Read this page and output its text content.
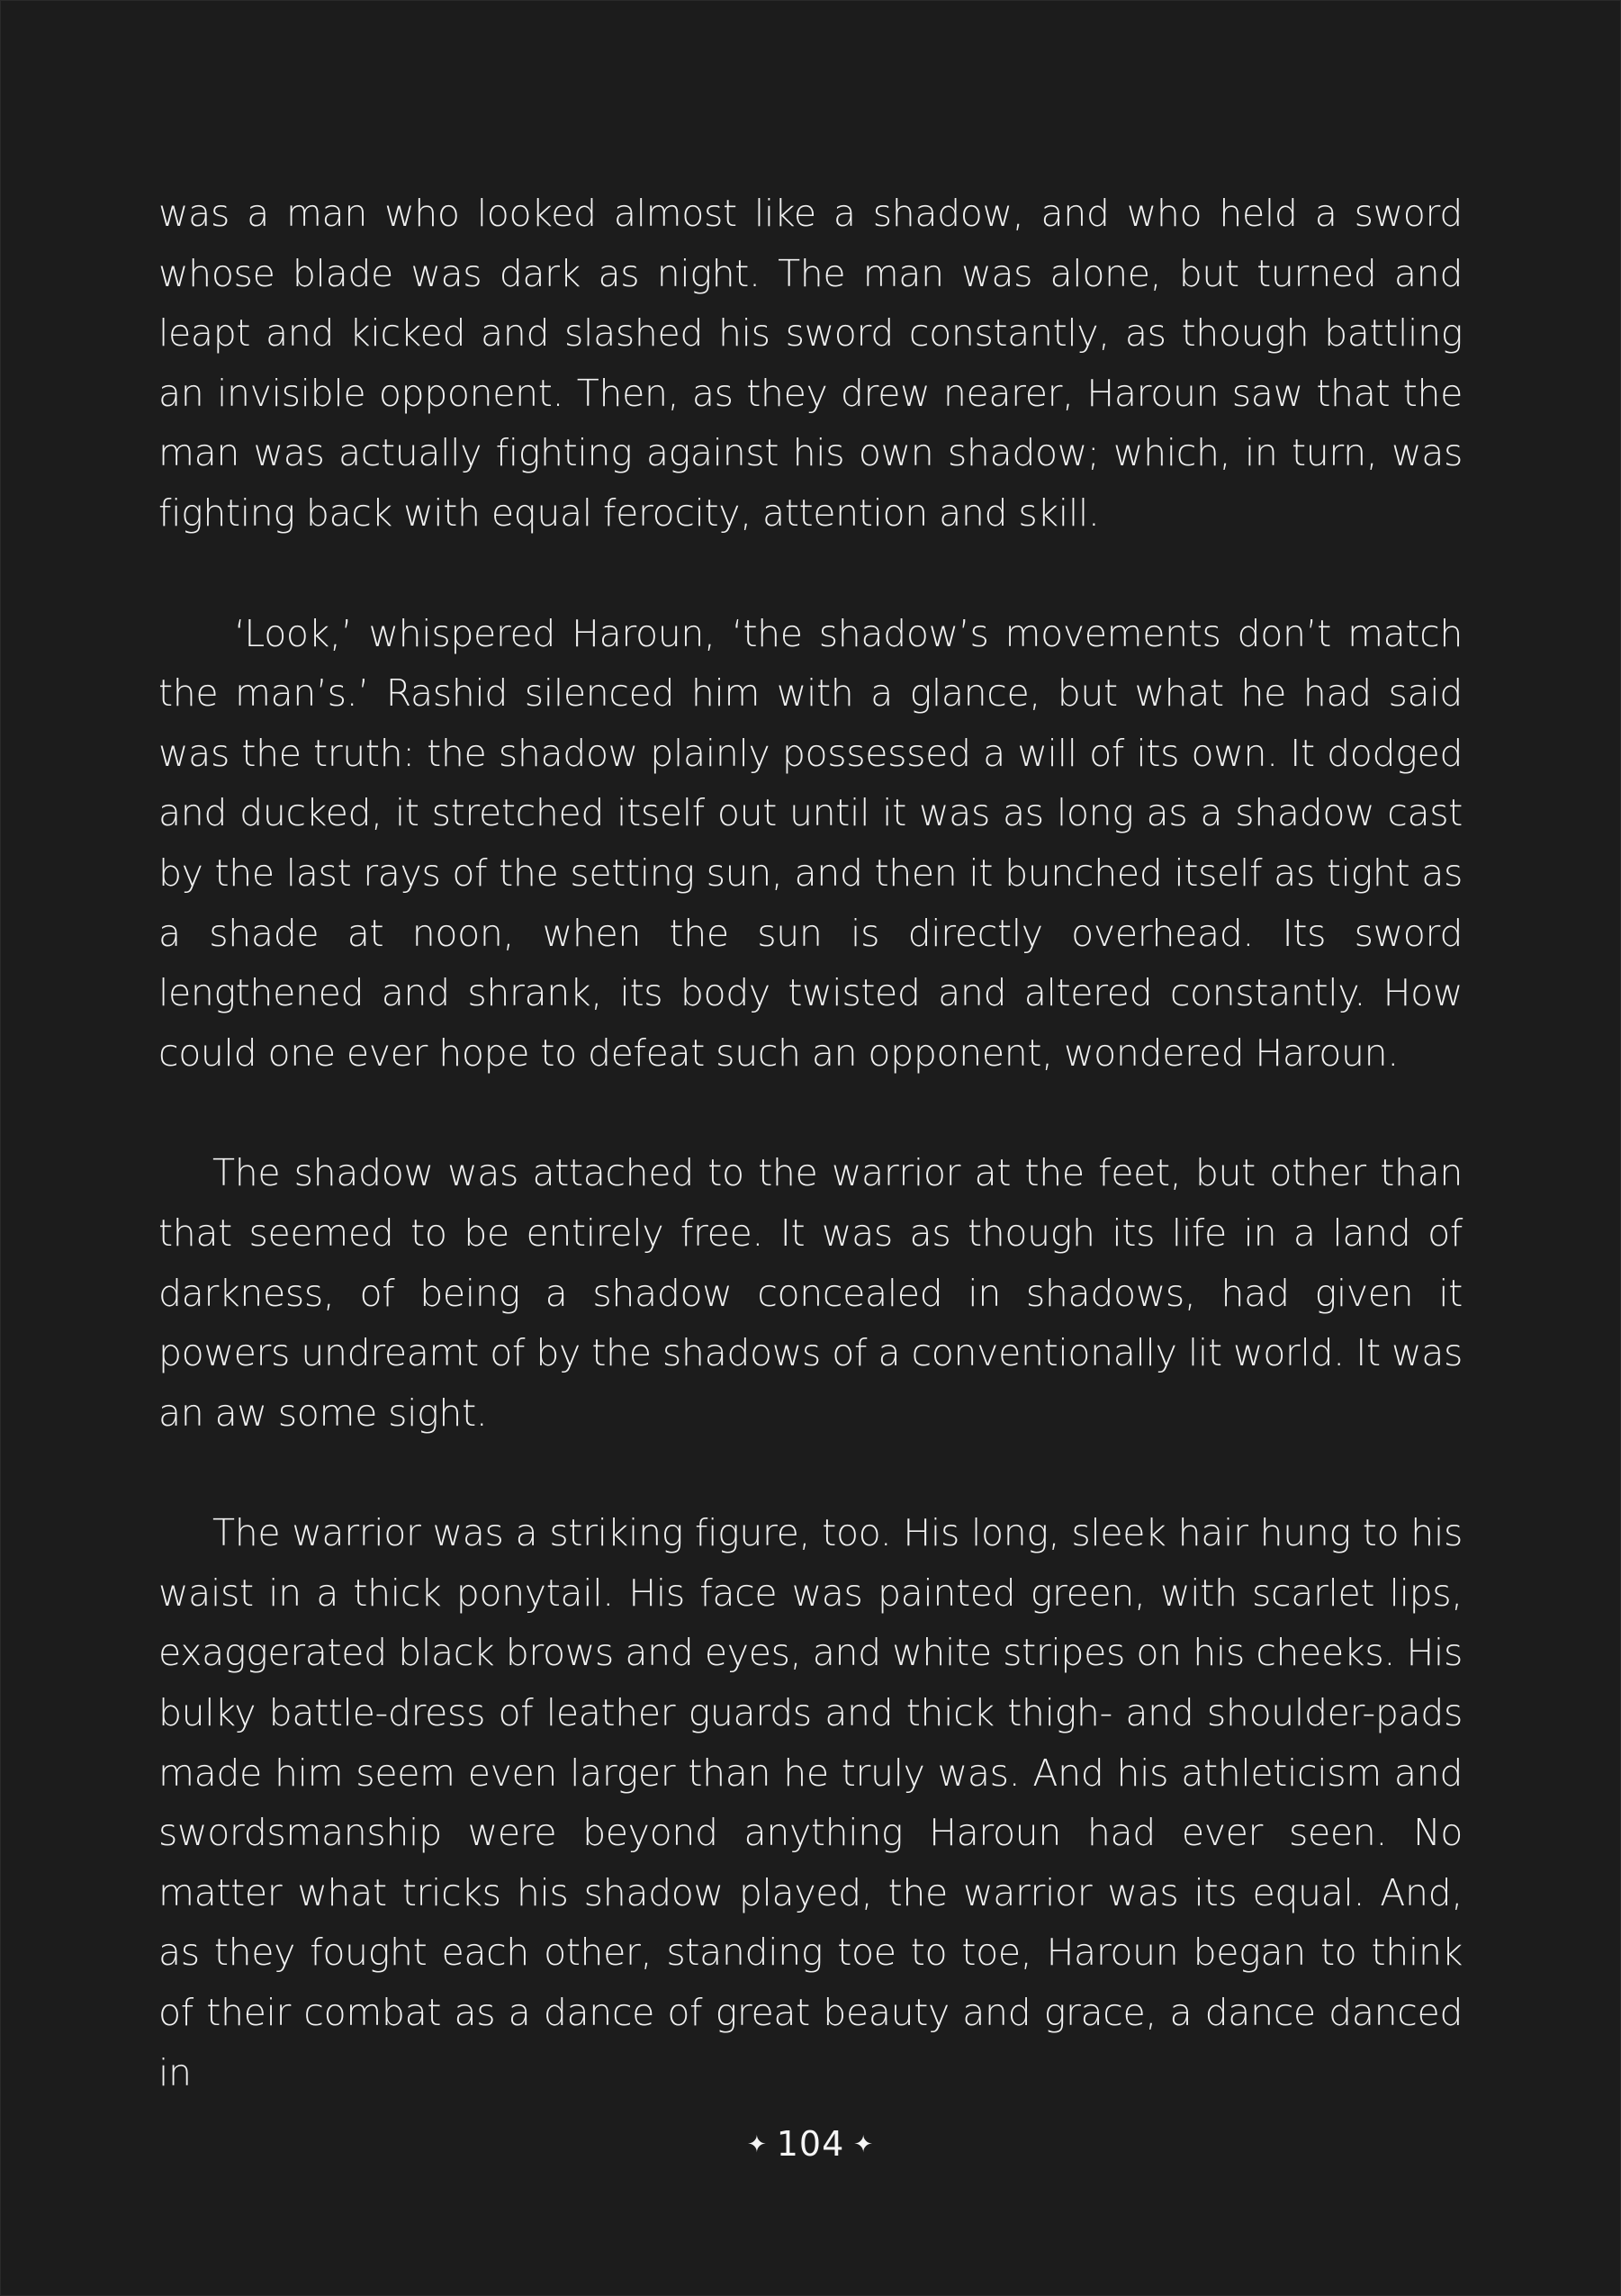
was a man who looked almost like a shadow, and who held a sword whose blade was dark as night. The man was alone, but turned and leapt and kicked and slashed his sword constantly, as though battling an invisible opponent. Then, as they drew nearer, Haroun saw that the man was actually fighting against his own shadow; which, in turn, was fighting back with equal ferocity, attention and skill.

‘Look,’ whispered Haroun, ‘the shadow’s movements don’t match the man’s.’ Rashid silenced him with a glance, but what he had said was the truth: the shadow plainly possessed a will of its own. It dodged and ducked, it stretched itself out until it was as long as a shadow cast by the last rays of the setting sun, and then it bunched itself as tight as a shade at noon, when the sun is directly overhead. Its sword lengthened and shrank, its body twisted and altered constantly. How could one ever hope to defeat such an opponent, wondered Haroun.

The shadow was attached to the warrior at the feet, but other than that seemed to be entirely free. It was as though its life in a land of darkness, of being a shadow concealed in shadows, had given it powers undreamt of by the shadows of a conventionally lit world. It was an aw some sight.

The warrior was a striking figure, too. His long, sleek hair hung to his waist in a thick ponytail. His face was painted green, with scarlet lips, exaggerated black brows and eyes, and white stripes on his cheeks. His bulky battle-dress of leather guards and thick thigh- and shoulder-pads made him seem even larger than he truly was. And his athleticism and swordsmanship were beyond anything Haroun had ever seen. No matter what tricks his shadow played, the warrior was its equal. And, as they fought each other, standing toe to toe, Haroun began to think of their combat as a dance of great beauty and grace, a dance danced in

✦ 104 ✦
